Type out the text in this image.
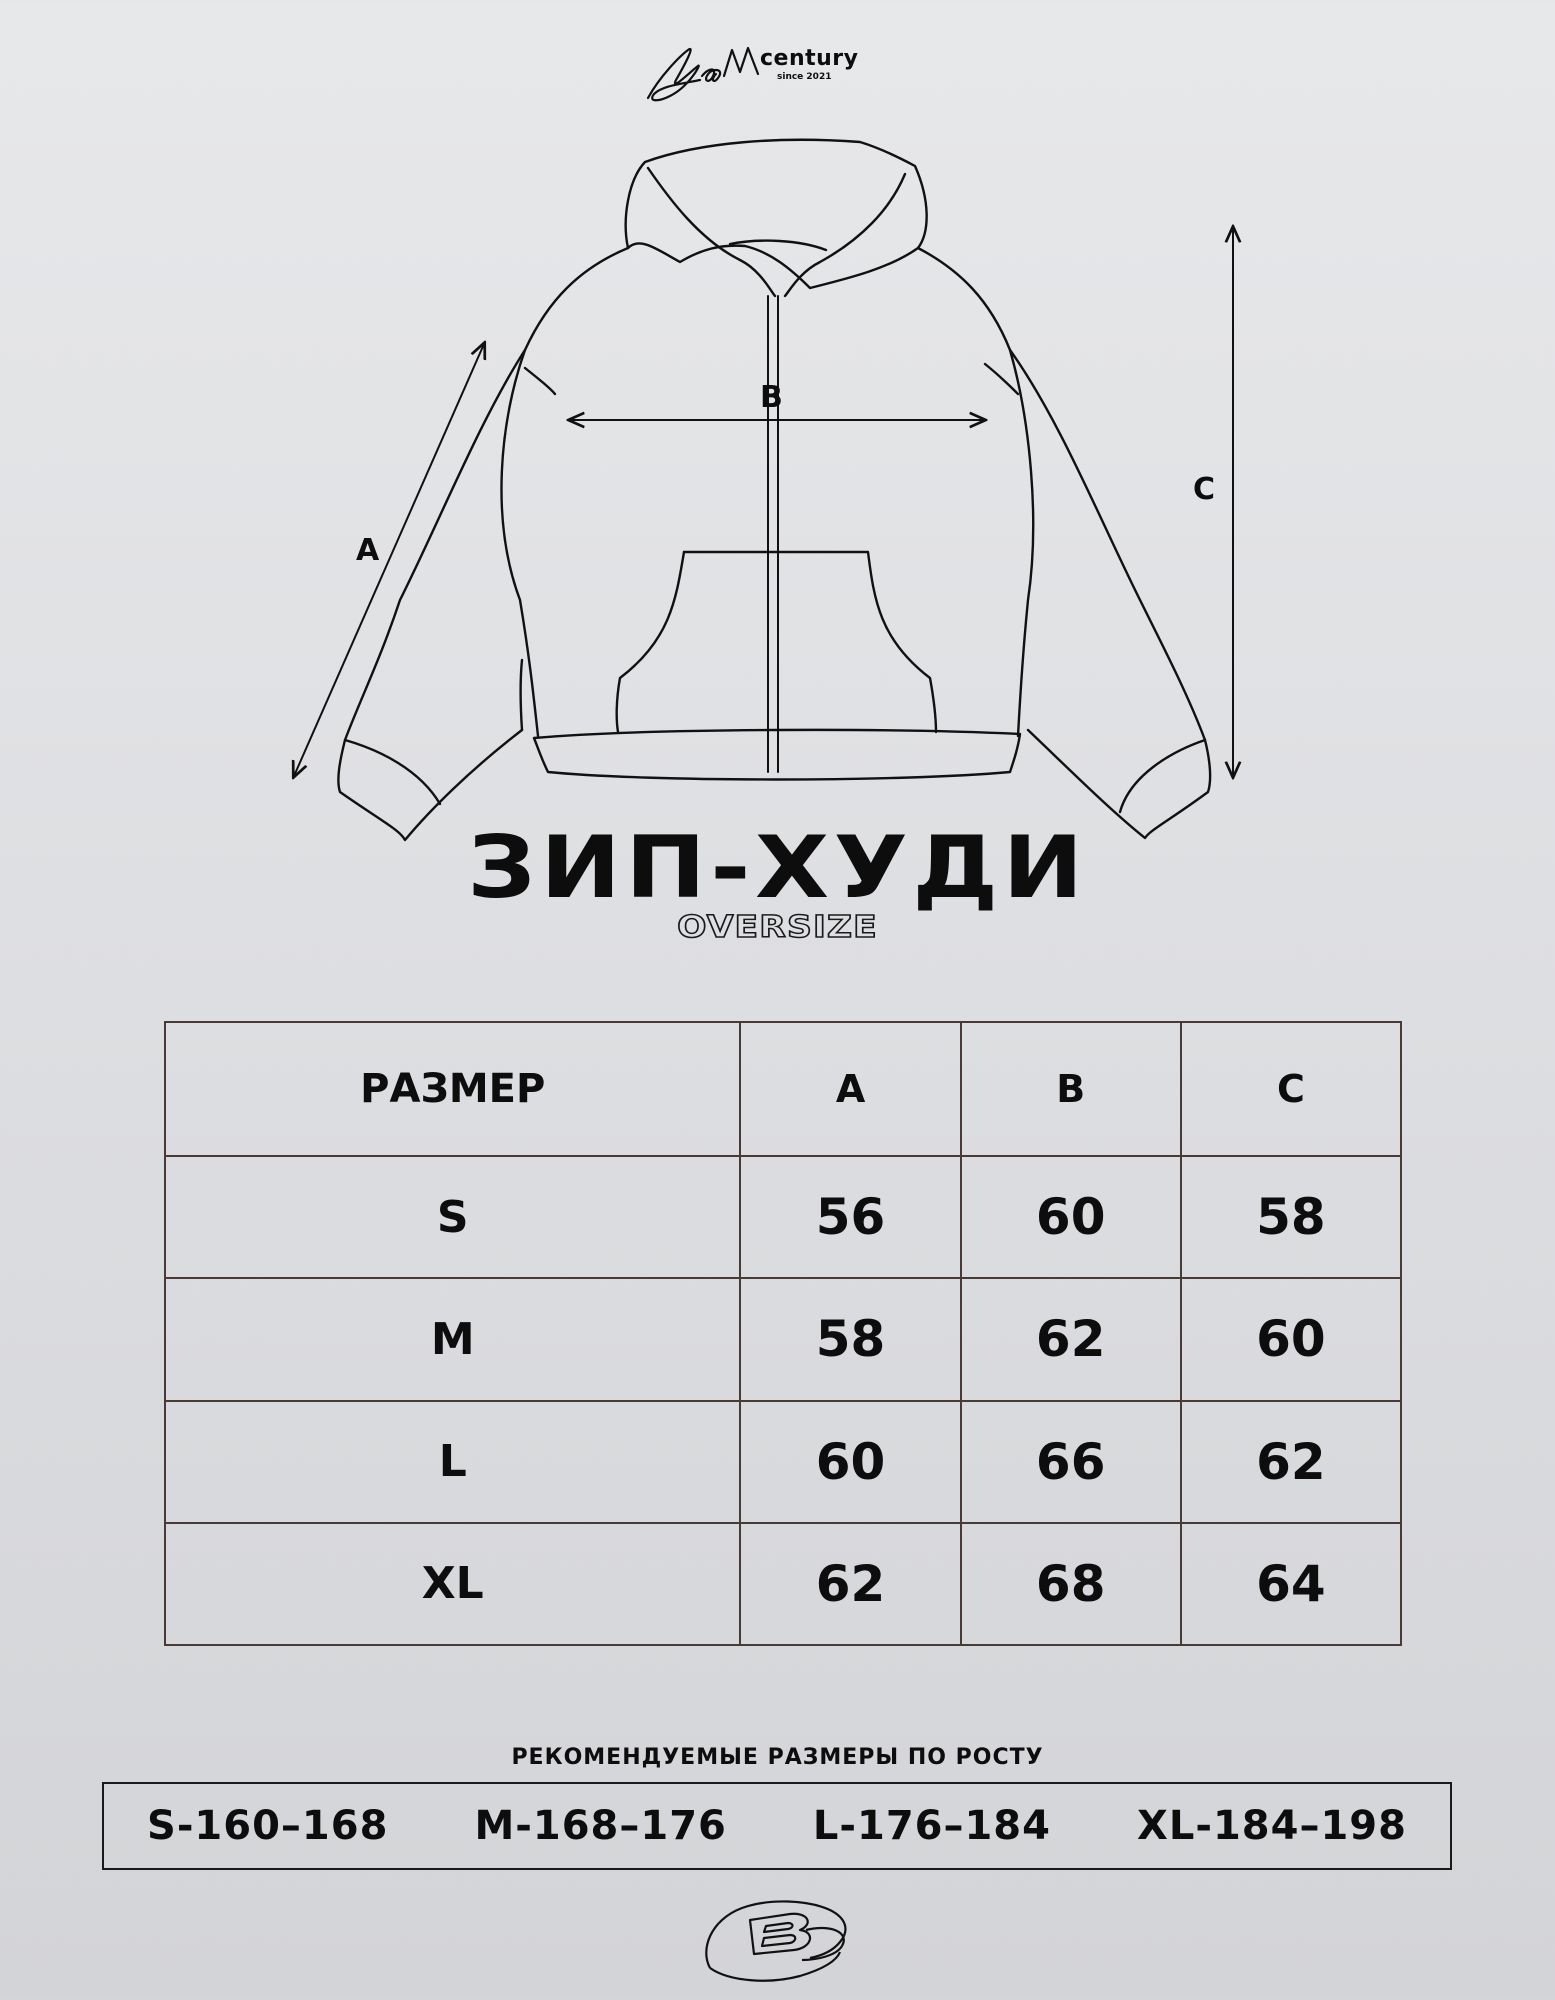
century
since 2021
A
B
C
ЗИП-ХУДИ
OVERSIZE
РАЗМЕР	A	B	C
S	56	60	58
M	58	62	60
L	60	66	62
XL	62	68	64
РЕКОМЕНДУЕМЫЕ РАЗМЕРЫ ПО РОСТУ
S-160–168 M-168–176 L-176–184 XL-184–198
